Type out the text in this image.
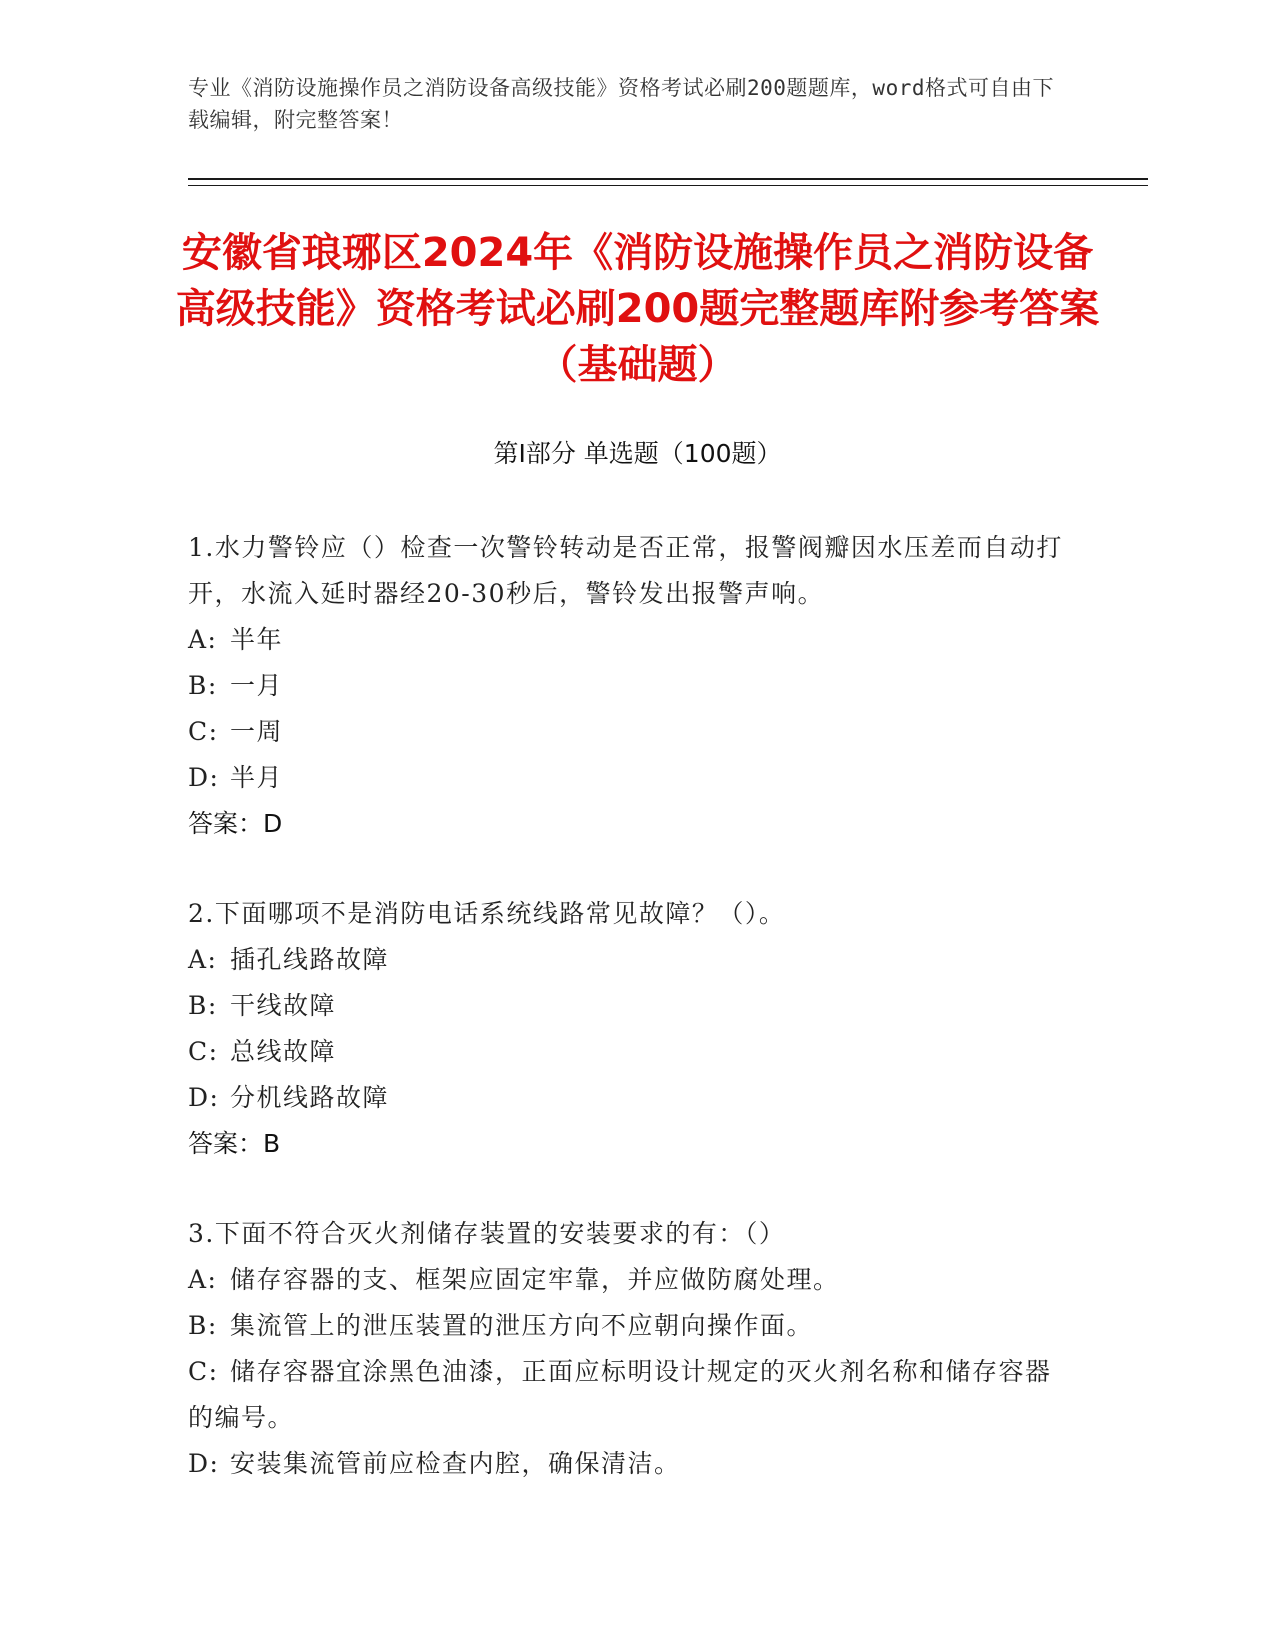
专业《消防设施操作员之消防设备高级技能》资格考试必刷200题题库，word格式可自由下载编辑，附完整答案！
安徽省琅琊区2024年《消防设施操作员之消防设备高级技能》资格考试必刷200题完整题库附参考答案（基础题）
第I部分 单选题（100题）
1.水力警铃应（）检查一次警铃转动是否正常，报警阀瓣因水压差而自动打开，水流入延时器经20-30秒后，警铃发出报警声响。
A: 半年
B: 一月
C: 一周
D: 半月
答案：D
2.下面哪项不是消防电话系统线路常见故障？（）。
A: 插孔线路故障
B: 干线故障
C: 总线故障
D: 分机线路故障
答案：B
3.下面不符合灭火剂储存装置的安装要求的有：（）
A: 储存容器的支、框架应固定牢靠，并应做防腐处理。
B: 集流管上的泄压装置的泄压方向不应朝向操作面。
C: 储存容器宜涂黑色油漆，正面应标明设计规定的灭火剂名称和储存容器的编号。
D: 安装集流管前应检查内腔，确保清洁。
